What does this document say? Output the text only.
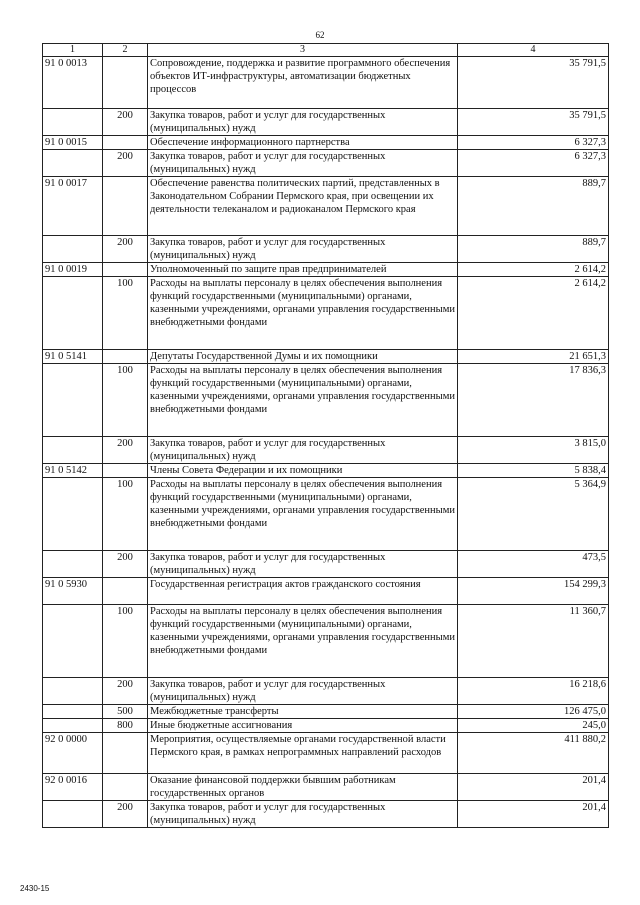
62
1	2	3	4
91 0 0013		Сопровождение, поддержка и развитие программного обеспечения объектов ИТ-инфраструктуры, автоматизации бюджетных процессов	35 791,5
	200	Закупка товаров, работ и услуг для государственных (муниципальных) нужд	35 791,5
91 0 0015		Обеспечение информационного партнерства	6 327,3
	200	Закупка товаров, работ и услуг для государственных (муниципальных) нужд	6 327,3
91 0 0017		Обеспечение равенства политических партий, представленных в Законодательном Собрании Пермского края, при освещении их деятельности телеканалом и радиоканалом Пермского края	889,7
	200	Закупка товаров, работ и услуг для государственных (муниципальных) нужд	889,7
91 0 0019		Уполномоченный по защите прав предпринимателей	2 614,2
	100	Расходы на выплаты персоналу в целях обеспечения выполнения функций государственными (муниципальными) органами, казенными учреждениями, органами управления государственными внебюджетными фондами	2 614,2
91 0 5141		Депутаты Государственной Думы и их помощники	21 651,3
	100	Расходы на выплаты персоналу в целях обеспечения выполнения функций государственными (муниципальными) органами, казенными учреждениями, органами управления государственными внебюджетными фондами	17 836,3
	200	Закупка товаров, работ и услуг для государственных (муниципальных) нужд	3 815,0
91 0 5142		Члены Совета Федерации и их помощники	5 838,4
	100	Расходы на выплаты персоналу в целях обеспечения выполнения функций государственными (муниципальными) органами, казенными учреждениями, органами управления государственными внебюджетными фондами	5 364,9
	200	Закупка товаров, работ и услуг для государственных (муниципальных) нужд	473,5
91 0 5930		Государственная регистрация актов гражданского состояния	154 299,3
	100	Расходы на выплаты персоналу в целях обеспечения выполнения функций государственными (муниципальными) органами, казенными учреждениями, органами управления государственными внебюджетными фондами	11 360,7
	200	Закупка товаров, работ и услуг для государственных (муниципальных) нужд	16 218,6
	500	Межбюджетные трансферты	126 475,0
	800	Иные бюджетные ассигнования	245,0
92 0 0000		Мероприятия, осуществляемые органами государственной власти Пермского края, в рамках непрограммных направлений расходов	411 880,2
92 0 0016		Оказание финансовой поддержки бывшим работникам государственных органов	201,4
	200	Закупка товаров, работ и услуг для государственных (муниципальных) нужд	201,4
2430-15
